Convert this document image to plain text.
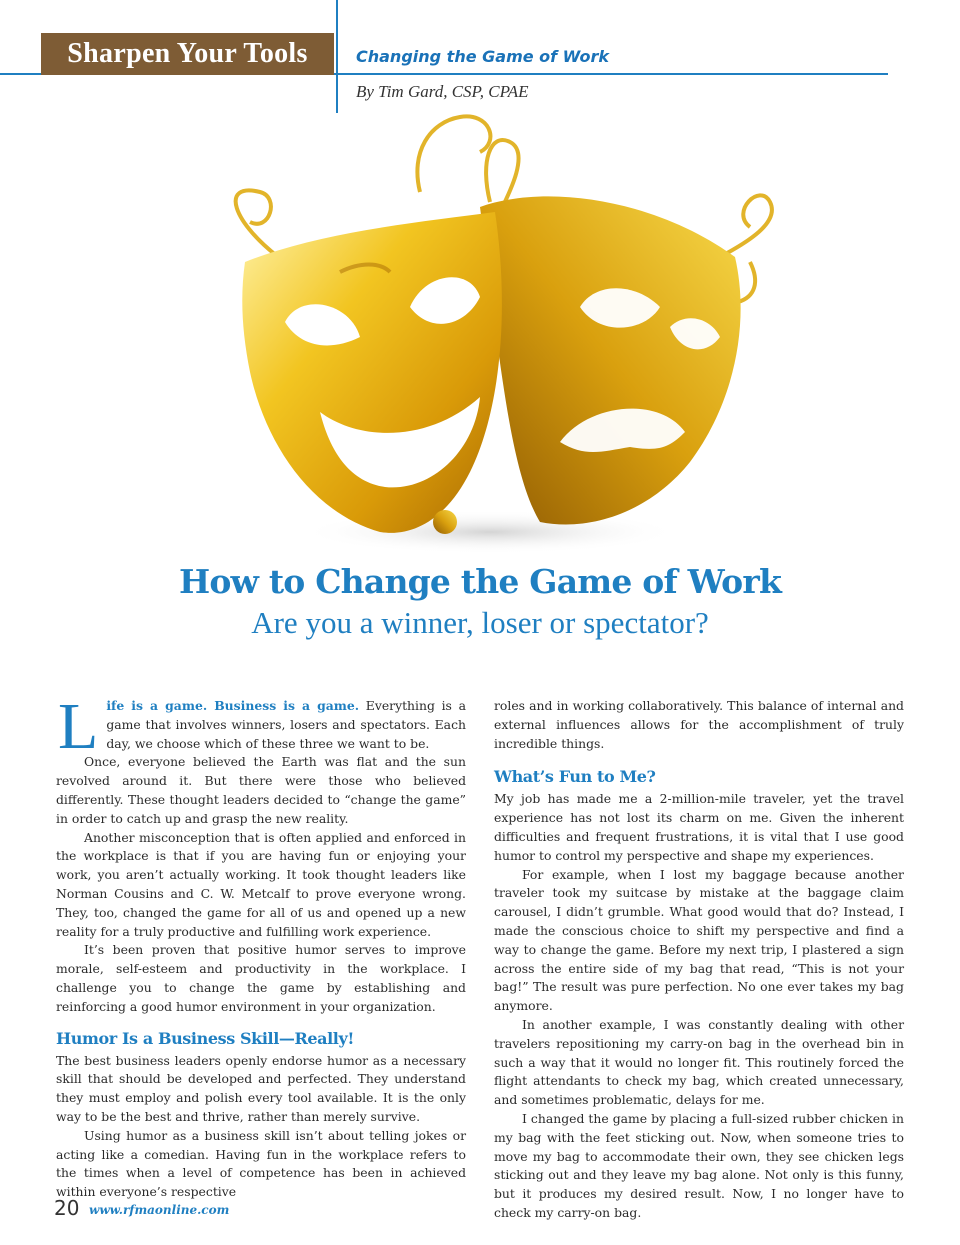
Sharpen Your Tools	Changing the Game of Work
By Tim Gard, CSP, CPAE
How to Change the Game of Work
Are you a winner, loser or spectator?

Life is a game. Business is a game. Everything is a game that involves winners, losers and spectators. Each day, we choose which of these three we want to be.

Once, everyone believed the Earth was flat and the sun revolved around it. But there were those who believed differently. These thought leaders decided to “change the game” in order to catch up and grasp the new reality.

Another misconception that is often applied and enforced in the workplace is that if you are having fun or enjoying your work, you aren’t actually working. It took thought leaders like Norman Cousins and C. W. Metcalf to prove everyone wrong. They, too, changed the game for all of us and opened up a new reality for a truly productive and fulfilling work experience.

It’s been proven that positive humor serves to improve morale, self-esteem and productivity in the workplace. I challenge you to change the game by establishing and reinforcing a good humor environment in your organization.

Humor Is a Business Skill—Really!

The best business leaders openly endorse humor as a necessary skill that should be developed and perfected. They understand they must employ and polish every tool available. It is the only way to be the best and thrive, rather than merely survive.

Using humor as a business skill isn’t about telling jokes or acting like a comedian. Having fun in the workplace refers to the times when a level of competence has been in achieved within everyone’s respective

roles and in working collaboratively. This balance of internal and external influences allows for the accomplishment of truly incredible things.

What’s Fun to Me?

My job has made me a 2-million-mile traveler, yet the travel experience has not lost its charm on me. Given the inherent difficulties and frequent frustrations, it is vital that I use good humor to control my perspective and shape my experiences.

For example, when I lost my baggage because another traveler took my suitcase by mistake at the baggage claim carousel, I didn’t grumble. What good would that do? Instead, I made the conscious choice to shift my perspective and find a way to change the game. Before my next trip, I plastered a sign across the entire side of my bag that read, “This is not your bag!” The result was pure perfection. No one ever takes my bag anymore.

In another example, I was constantly dealing with other travelers repositioning my carry-on bag in the overhead bin in such a way that it would no longer fit. This routinely forced the flight attendants to check my bag, which created unnecessary, and sometimes problematic, delays for me.

I changed the game by placing a full-sized rubber chicken in my bag with the feet sticking out. Now, when someone tries to move my bag to accommodate their own, they see chicken legs sticking out and they leave my bag alone. Not only is this funny, but it produces my desired result. Now, I no longer have to check my carry-on bag.

20 www.rfmaonline.com
